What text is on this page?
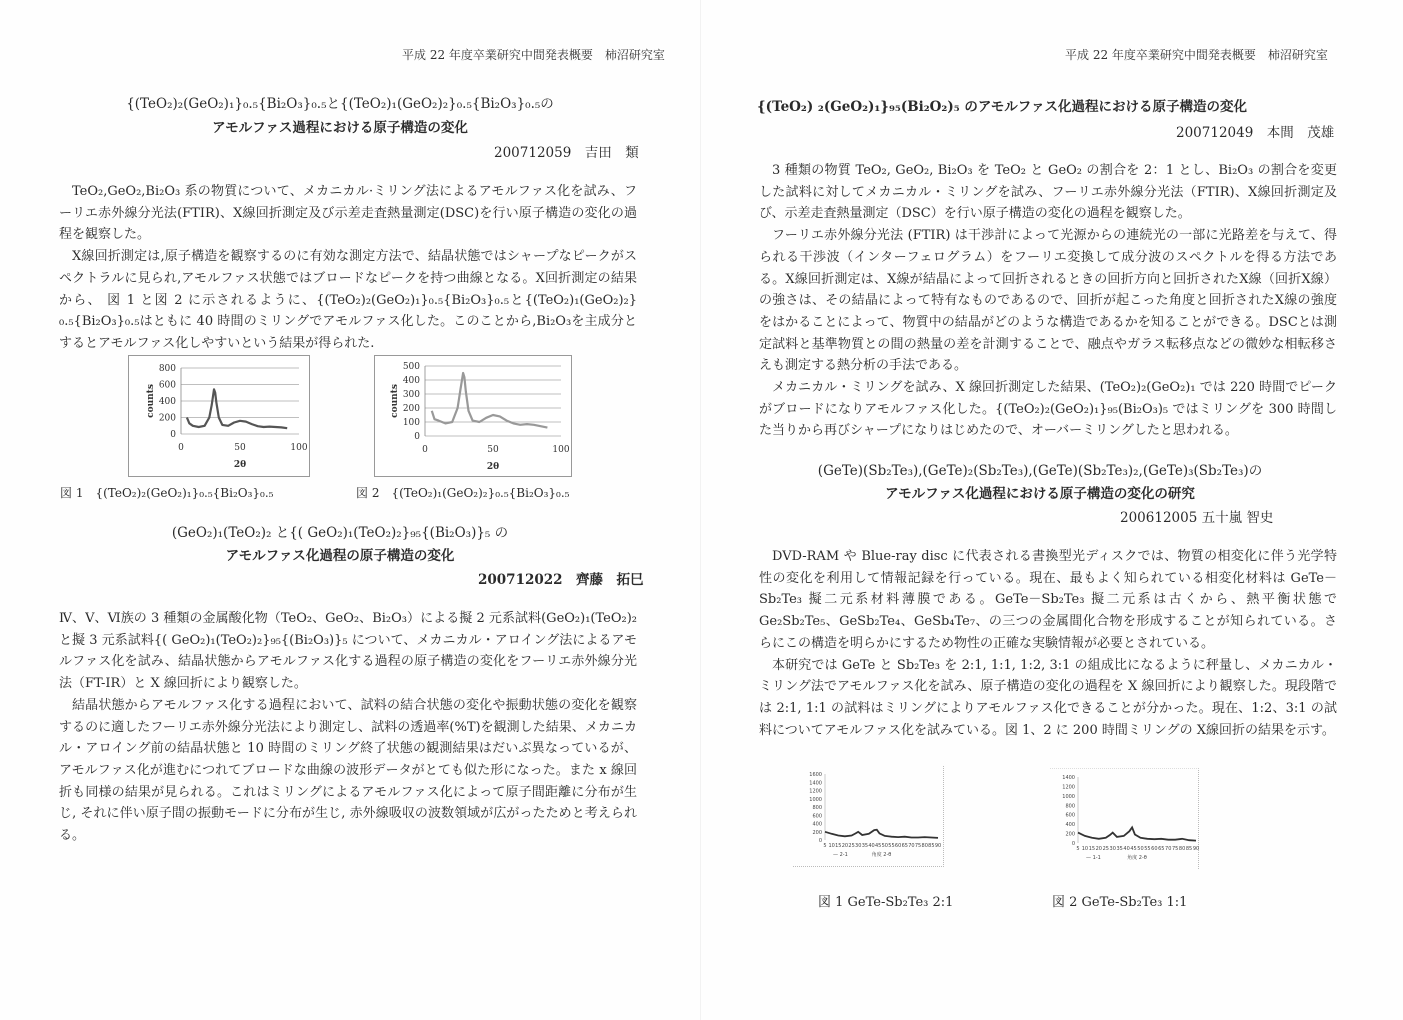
平成 22 年度卒業研究中間発表概要　柿沼研究室
{(TeO₂)₂(GeO₂)₁}₀.₅{Bi₂O₃}₀.₅と{(TeO₂)₁(GeO₂)₂}₀.₅{Bi₂O₃}₀.₅の
アモルファス過程における原子構造の変化
200712059　吉田　類

TeO₂,GeO₂,Bi₂O₃ 系の物質について、メカニカル·ミリング法によるアモルファス化を試み、フーリエ赤外線分光法(FTIR)、X線回折測定及び示差走査熱量測定(DSC)を行い原子構造の変化の過程を観察した。

X線回折測定は,原子構造を観察するのに有効な測定方法で、結晶状態ではシャープなピークがスペクトラルに見られ,アモルファス状態ではブロードなピークを持つ曲線となる。X回折測定の結果から、 図 1 と図 2 に示されるように、{(TeO₂)₂(GeO₂)₁}₀.₅{Bi₂O₃}₀.₅と{(TeO₂)₁(GeO₂)₂}₀.₅{Bi₂O₃}₀.₅はともに 40 時間のミリングでアモルファス化した。このことから,Bi₂O₃を主成分とするとアモルファス化しやすいという結果が得られた.

0
200
400
600
800
0	50	100
2θ
counts
0
100
200
300
400
500
0	50	100
2θ
counts
図 1　{(TeO₂)₂(GeO₂)₁}₀.₅{Bi₂O₃}₀.₅	図 2　{(TeO₂)₁(GeO₂)₂}₀.₅{Bi₂O₃}₀.₅
(GeO₂)₁(TeO₂)₂ と{( GeO₂)₁(TeO₂)₂}₉₅{(Bi₂O₃)}₅ の
アモルファス化過程の原子構造の変化
200712022　齊藤　拓巳

Ⅳ、Ⅴ、Ⅵ族の 3 種類の金属酸化物（TeO₂、GeO₂、Bi₂O₃）による擬 2 元系試料(GeO₂)₁(TeO₂)₂ と擬 3 元系試料{( GeO₂)₁(TeO₂)₂}₉₅{(Bi₂O₃)}₅ について、メカニカル・アロイング法によるアモルファス化を試み、結晶状態からアモルファス化する過程の原子構造の変化をフーリエ赤外線分光法（FT-IR）と X 線回折により観察した。

結晶状態からアモルファス化する過程において、試料の結合状態の変化や振動状態の変化を観察するのに適したフーリエ赤外線分光法により測定し、試料の透過率(%T)を観測した結果、メカニカル・アロイング前の結晶状態と 10 時間のミリング終了状態の観測結果はだいぶ異なっているが、アモルファス化が進むにつれてブロードな曲線の波形データがとても似た形になった。また x 線回折も同様の結果が見られる。これはミリングによるアモルファス化によって原子間距離に分布が生じ, それに伴い原子間の振動モードに分布が生じ, 赤外線吸収の波数領域が広がったためと考えられる。

平成 22 年度卒業研究中間発表概要　柿沼研究室
{(TeO₂) ₂(GeO₂)₁}₉₅(Bi₂O₂)₅ のアモルファス化過程における原子構造の変化
200712049　本間　茂雄

3 種類の物質 TeO₂, GeO₂, Bi₂O₃ を TeO₂ と GeO₂ の割合を 2：1 とし、Bi₂O₃ の割合を変更した試料に対してメカニカル・ミリングを試み、フーリエ赤外線分光法（FTIR)、X線回折測定及び、示差走査熱量測定（DSC）を行い原子構造の変化の過程を観察した。

フーリエ赤外線分光法 (FTIR) は干渉計によって光源からの連続光の一部に光路差を与えて、得られる干渉波（インターフェログラム）をフーリエ変換して成分波のスペクトルを得る方法である。X線回折測定は、X線が結晶によって回折されるときの回折方向と回折されたX線（回折X線）の強さは、その結晶によって特有なものであるので、回折が起こった角度と回折されたX線の強度をはかることによって、物質中の結晶がどのような構造であるかを知ることができる。DSCとは測定試料と基準物質との間の熱量の差を計測することで、融点やガラス転移点などの微妙な相転移さえも測定する熱分析の手法である。

メカニカル・ミリングを試み、X 線回折測定した結果、(TeO₂)₂(GeO₂)₁ では 220 時間でピークがブロードになりアモルファス化した。{(TeO₂)₂(GeO₂)₁}₉₅(Bi₂O₃)₅ ではミリングを 300 時間した当りから再びシャープになりはじめたので、オーバーミリングしたと思われる。

(GeTe)(Sb₂Te₃),(GeTe)₂(Sb₂Te₃),(GeTe)(Sb₂Te₃)₂,(GeTe)₃(Sb₂Te₃)の
アモルファス化過程における原子構造の変化の研究
200612005 五十嵐 智史

DVD-RAM や Blue-ray disc に代表される書換型光ディスクでは、物質の相変化に伴う光学特性の変化を利用して情報記録を行っている。現在、最もよく知られている相変化材料は GeTe－Sb₂Te₃ 擬二元系材料薄膜である。GeTe－Sb₂Te₃ 擬二元系は古くから、熱平衡状態で Ge₂Sb₂Te₅、GeSb₂Te₄、GeSb₄Te₇、の三つの金属間化合物を形成することが知られている。さらにこの構造を明らかにするため物性の正確な実験情報が必要とされている。

本研究では GeTe と Sb₂Te₃ を 2:1, 1:1, 1:2, 3:1 の組成比になるように秤量し、メカニカル・ミリング法でアモルファス化を試み、原子構造の変化の過程を X 線回折により観察した。現段階では 2:1, 1:1 の試料はミリングによりアモルファス化できることが分かった。現在、1:2、3:1 の試料についてアモルファス化を試みている。図 1、2 に 200 時間ミリングの X線回折の結果を示す。

0
200
400
600
800
1000
1200
1400
1600
5 10 15 20 25 30 35 40 45 50 55 60 65 70 75 80 85 90
— 2-1	角度 2-θ
0
200
400
600
800
1000
1200
1400
5 10 15 20 25 30 35 40 45 50 55 60 65 70 75 80 85 90
— 1-1	角度 2-θ
図 1 GeTe-Sb₂Te₃ 2:1	図 2 GeTe-Sb₂Te₃ 1:1
